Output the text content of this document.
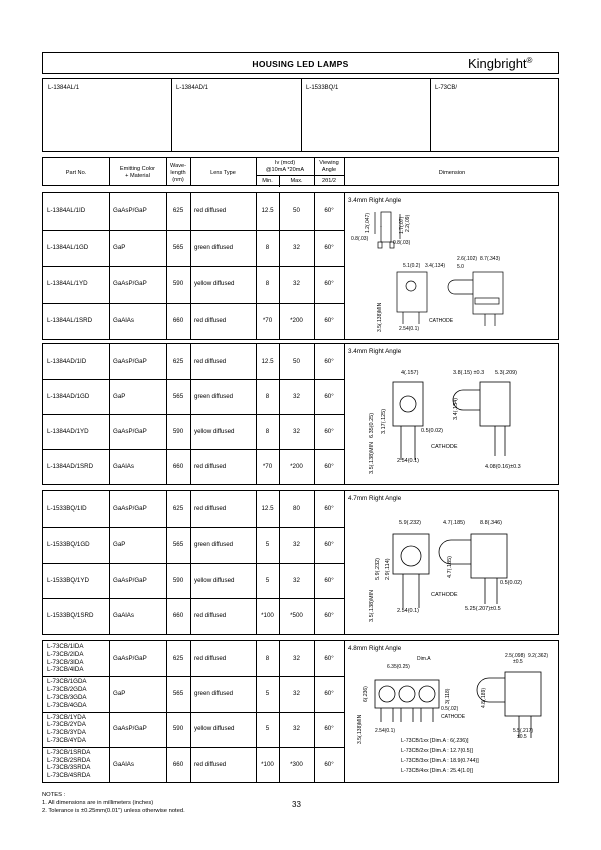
HOUSING LED LAMPS	Kingbright®
L-1384AL/1	L-1384AD/1	L-1533BQ/1	L-73CB/
Part No.
Emitting Color
+ Material
Wave-
length
(nm)
Lens Type
Iv (mcd)
@10mA *20mA
Min.	Max.
Viewing
Angle
2θ1/2
Dimension
L-1384AL/1ID	GaAsP/GaP	625 red diffused	12.5	50	60°
L-1384AL/1GD	GaP	565 green diffused	8	32	60°
L-1384AL/1YD	GaAsP/GaP	590 yellow diffused	8	32	60°
L-1384AL/1SRD	GaAlAs	660 red diffused	*70	*200	60°
3.4mm Right Angle
L-1384AD/1ID	GaAsP/GaP	625 red diffused	12.5	50	60°
L-1384AD/1GD	GaP	565 green diffused	8	32	60°
L-1384AD/1YD	GaAsP/GaP	590 yellow diffused	8	32	60°
L-1384AD/1SRD	GaAlAs	660 red diffused	*70	*200	60°
3.4mm Right Angle
L-1533BQ/1ID	GaAsP/GaP	625 red diffused	12.5	80	60°
L-1533BQ/1GD	GaP	565 green diffused	5	32	60°
L-1533BQ/1YD	GaAsP/GaP	590 yellow diffused	5	32	60°
L-1533BQ/1SRD	GaAlAs	660 red diffused	*100	*500	60°
4.7mm Right Angle
L-73CB/1IDA
L-73CB/2IDA
L-73CB/3IDA
L-73CB/4IDA
GaAsP/GaP	625 red diffused	8	32	60°
L-73CB/1GDA
L-73CB/2GDA
L-73CB/3GDA
L-73CB/4GDA
GaP	565 green diffused	5	32	60°
L-73CB/1YDA
L-73CB/2YDA
L-73CB/3YDA
L-73CB/4YDA
GaAsP/GaP	590 yellow diffused	5	32	60°
L-73CB/1SRDA
L-73CB/2SRDA
L-73CB/3SRDA
L-73CB/4SRDA
GaAlAs	660 red diffused	*100	*300	60°
4.8mm Right Angle
1.2(.047)
0.8(.03)
2.2(.09)
1.7(.07)
0.8(.03)
2.6(.102) 8.7(.343)
5.1(0.2) 3.4(.134) 5.0
3.5(.138)MIN	2.54(0.1)
CATHODE
4(.157)	3.8(.15) ±0.3 5.3(.209)
3.4(.134)
3.17(.125)
6.35(0.25)	0.5(0.02)
CATHODE
2.54(0.1)
3.5(.138)MIN	4.08(0.16)±0.3
5.9(.232)	4.7(.185)	8.8(.346)
4.7(.185)
2.9(.114)
5.9(.232)
3.5(.138)MIN
0.5(0.02)
CATHODE
2.54(0.1)	5.25(.207)±0.5
2.5(.098) 9.2(.362)
±0.5
Dim.A
6.35(0.25)
6(.236)	3(.118)	4.8(.189)
3.5(.138)MIN 2.54(0.1)
0.5(.02)
CATHODE
5.5(.217)
±0.5
L-73CB/1xx [Dim.A : 6(.236)]
L-73CB/2xx [Dim.A : 12.7(0.5)]
L-73CB/3xx [Dim.A : 18.9(0.744)]
L-73CB/4xx [Dim.A : 25.4(1.0)]
NOTES :
1. All dimensions are in millimeters (inches)
2. Tolerance is ±0.25mm(0.01") unless otherwise noted.
33
